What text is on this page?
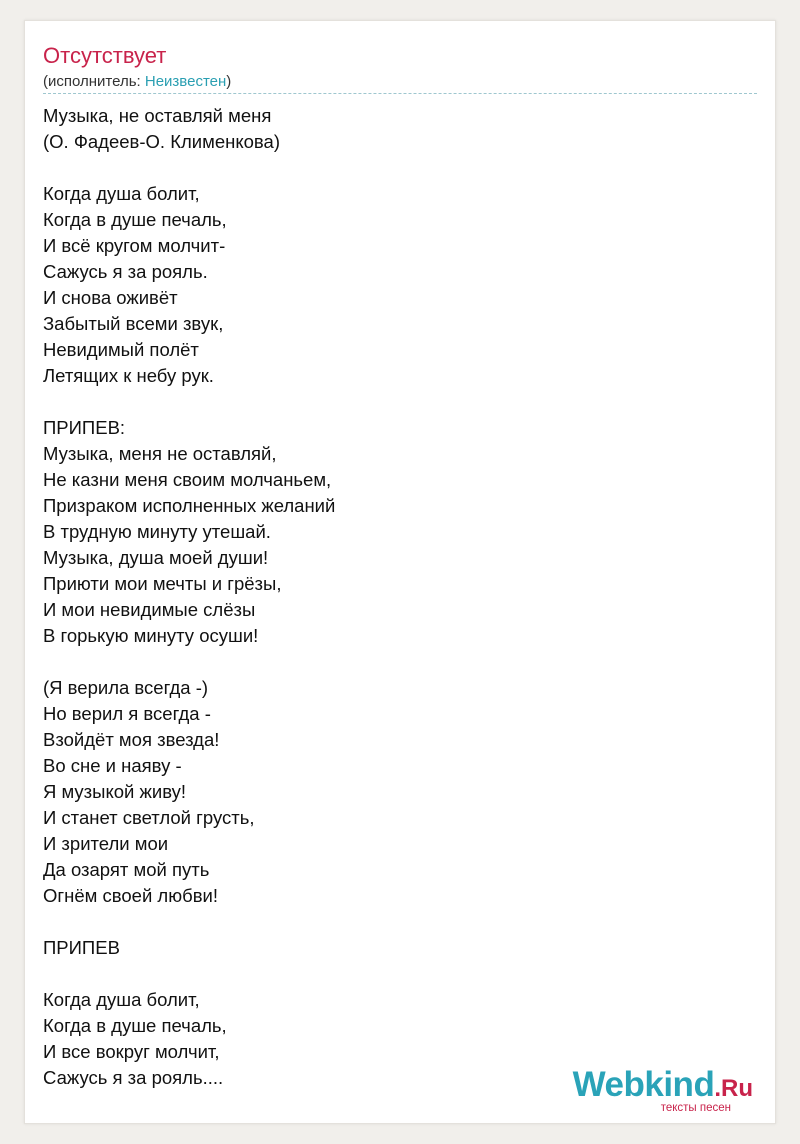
Отсутствует
(исполнитель: Неизвестен)
Музыка, не оставляй меня
(О. Фадеев-О. Клименкова)
Когда душа болит,
Когда в душе печаль,
И всё кругом молчит-
Сажусь я за рояль.
И снова оживёт
Забытый всеми звук,
Невидимый полёт
Летящих к небу рук.
ПРИПЕВ:
Музыка, меня не оставляй,
Не казни меня своим молчаньем,
Призраком исполненных желаний
В трудную минуту утешай.
Музыка, душа моей души!
Приюти мои мечты и грёзы,
И мои невидимые слёзы
В горькую минуту осуши!
(Я верила всегда -)
Но верил я всегда -
Взойдёт моя звезда!
Во сне и наяву -
Я музыкой живу!
И станет светлой грусть,
И зрители мои
Да озарят мой путь
Огнём своей любви!
ПРИПЕВ
Когда душа болит,
Когда в душе печаль,
И все вокруг молчит,
Сажусь я за рояль....	Webkind.Ru
тексты песен
